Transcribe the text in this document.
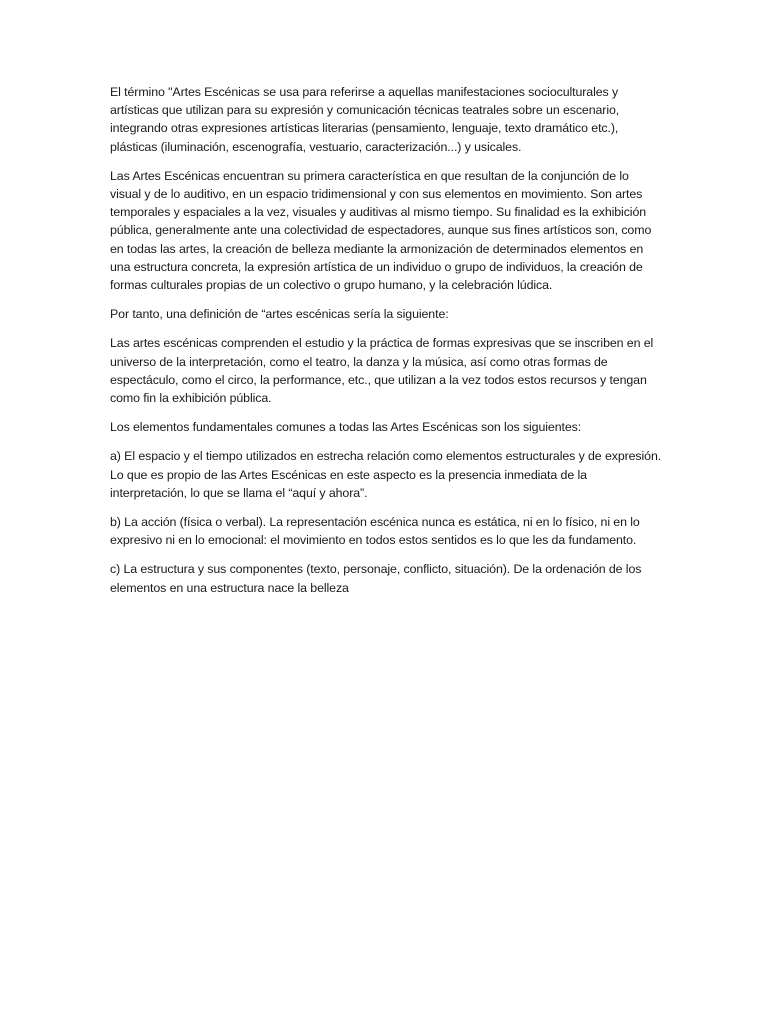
El término "Artes Escénicas se usa para referirse a aquellas manifestaciones socioculturales y artísticas que utilizan para su expresión y comunicación técnicas teatrales sobre un escenario, integrando otras expresiones artísticas literarias (pensamiento, lenguaje, texto dramático etc.), plásticas (iluminación, escenografía, vestuario, caracterización...) y usicales.

Las Artes Escénicas encuentran su primera característica en que resultan de la conjunción de lo visual y de lo auditivo, en un espacio tridimensional y con sus elementos en movimiento. Son artes temporales y espaciales a la vez, visuales y auditivas al mismo tiempo. Su finalidad es la exhibición pública, generalmente ante una colectividad de espectadores, aunque sus fines artísticos son, como en todas las artes, la creación de belleza mediante la armonización de determinados elementos en una estructura concreta, la expresión artística de un individuo o grupo de individuos, la creación de formas culturales propias de un colectivo o grupo humano, y la celebración lúdica.

Por tanto, una definición de “artes escénicas sería la siguiente:

Las artes escénicas comprenden el estudio y la práctica de formas expresivas que se inscriben en el universo de la interpretación, como el teatro, la danza y la música, así como otras formas de espectáculo, como el circo, la performance, etc., que utilizan a la vez todos estos recursos y tengan como fin la exhibición pública.

Los elementos fundamentales comunes a todas las Artes Escénicas son los siguientes:

a) El espacio y el tiempo utilizados en estrecha relación como elementos estructurales y de expresión. Lo que es propio de las Artes Escénicas en este aspecto es la presencia inmediata de la interpretación, lo que se llama el “aquí y ahora”.

b) La acción (física o verbal). La representación escénica nunca es estática, ni en lo físico, ni en lo expresivo ni en lo emocional: el movimiento en todos estos sentidos es lo que les da fundamento.

c) La estructura y sus componentes (texto, personaje, conflicto, situación). De la ordenación de los elementos en una estructura nace la belleza
